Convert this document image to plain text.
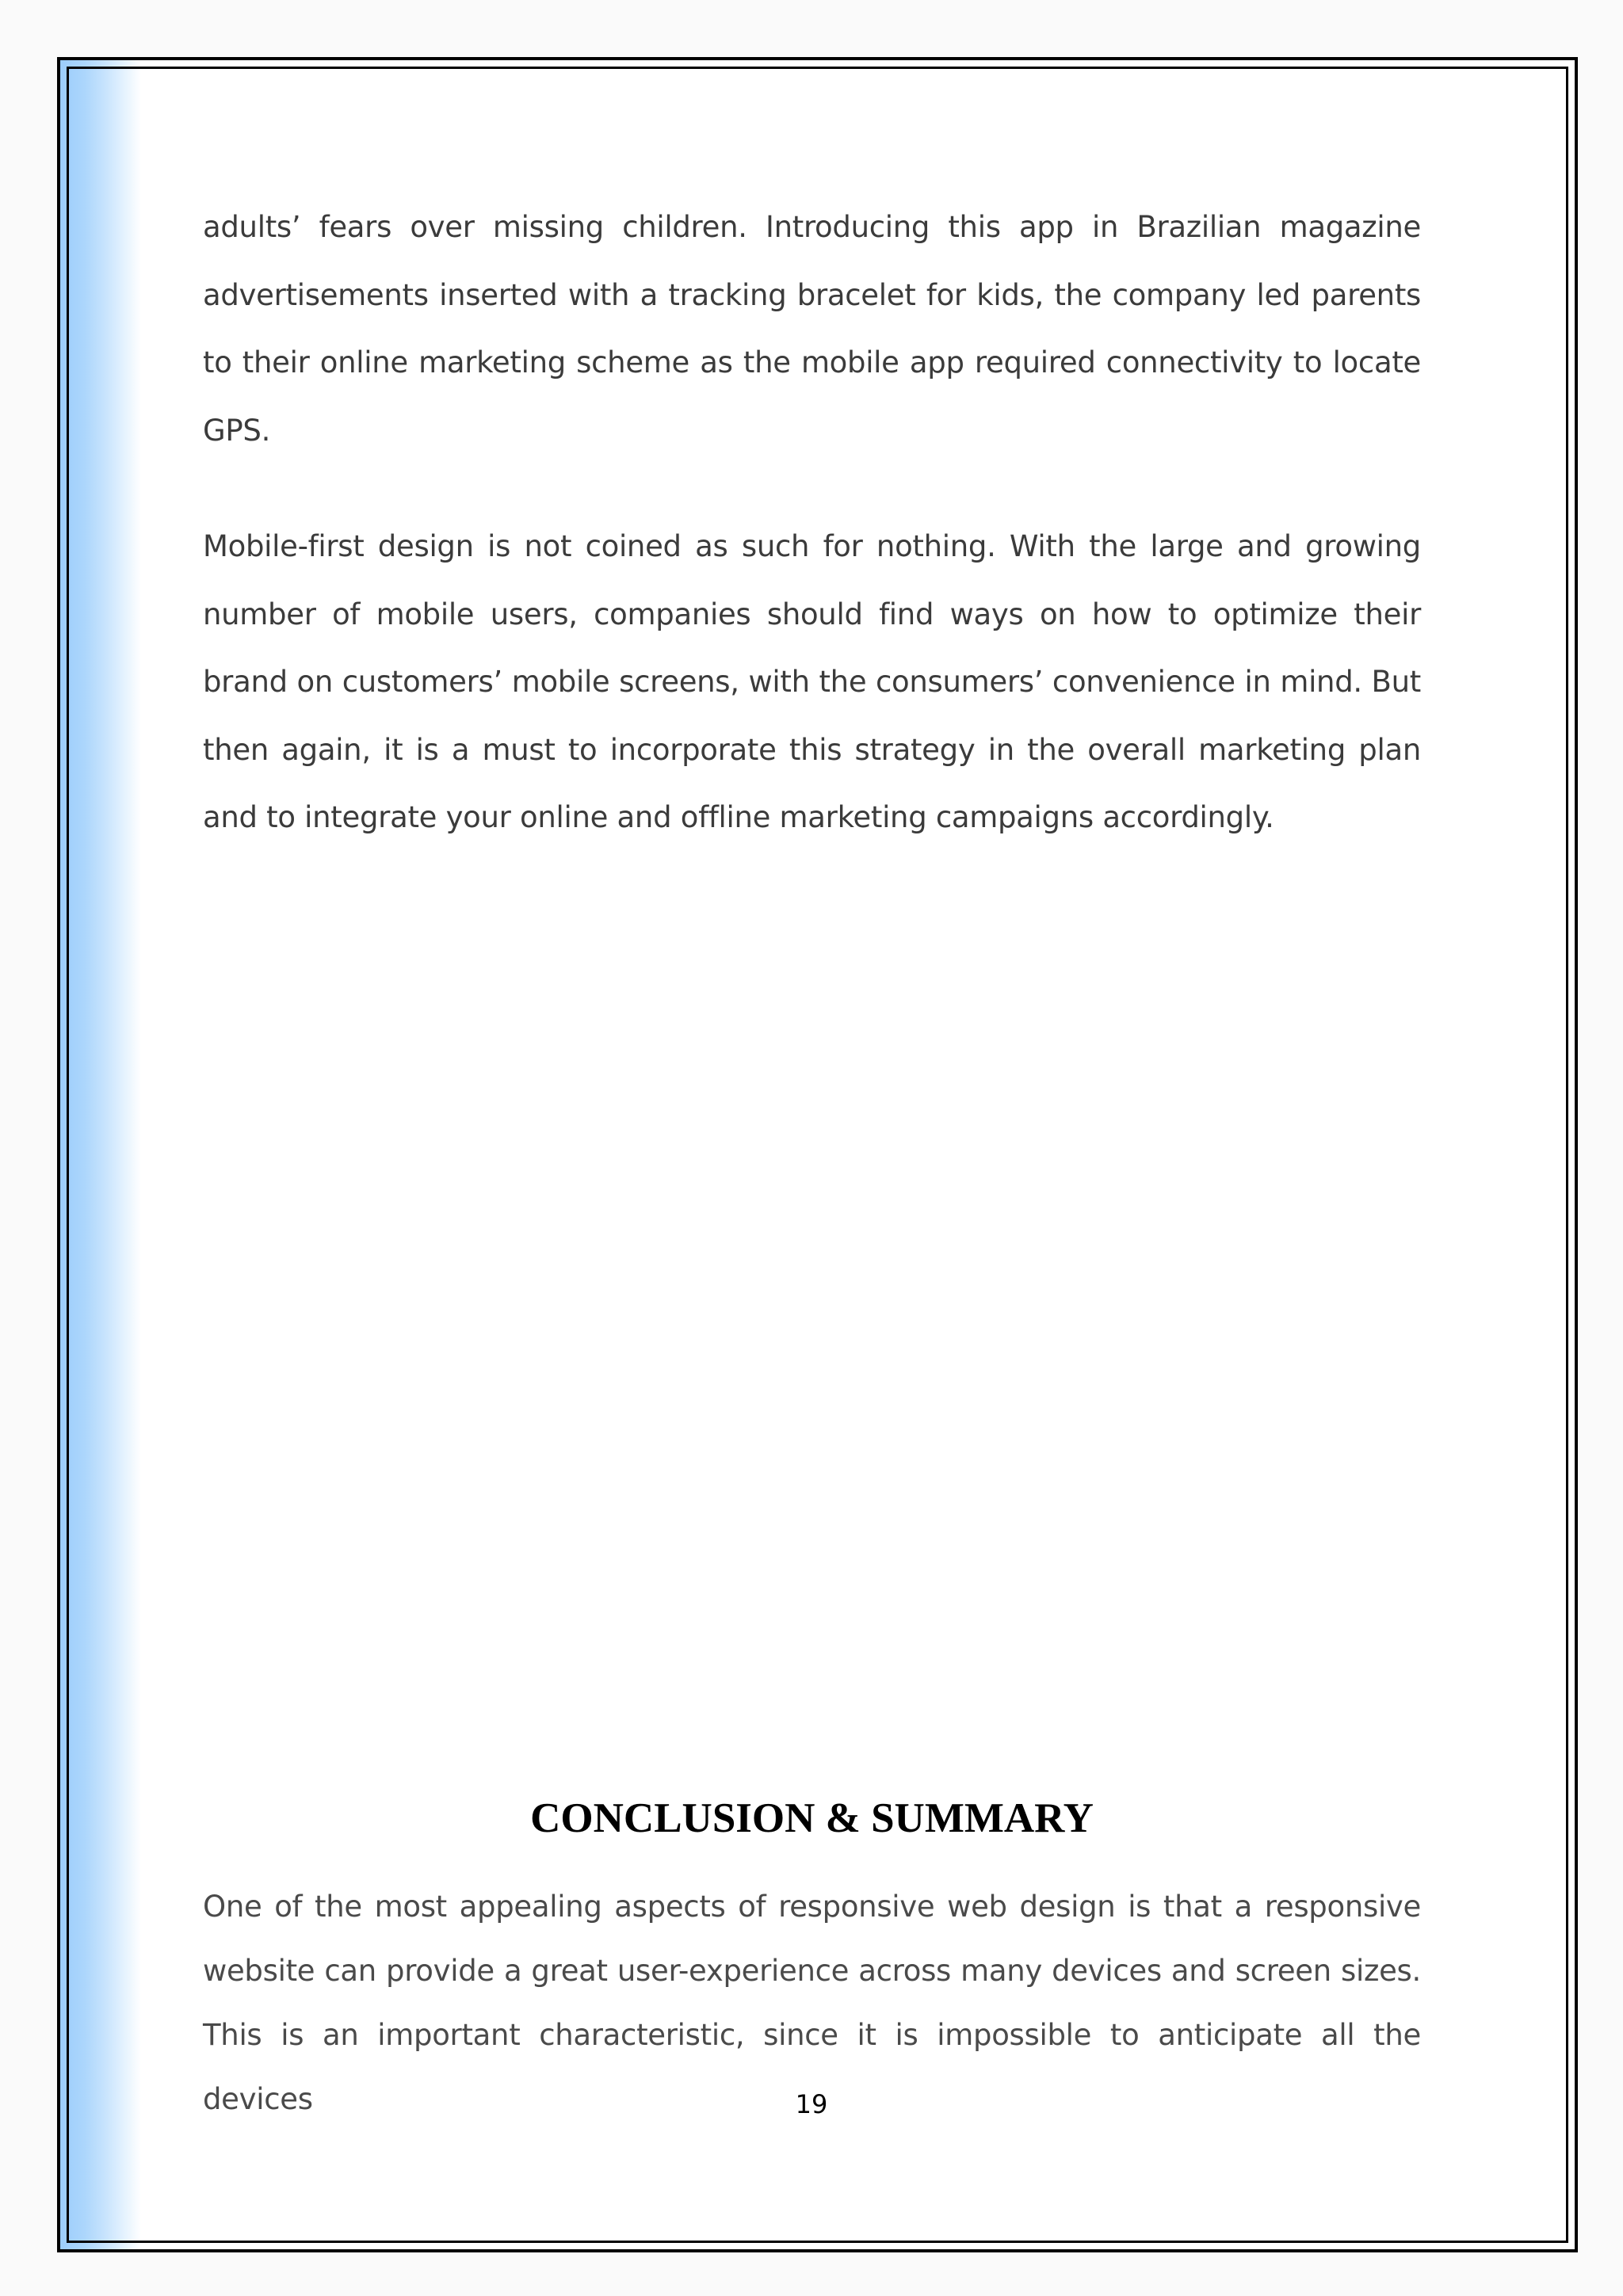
adults’ fears over missing children. Introducing this app in Brazilian magazine advertisements inserted with a tracking bracelet for kids, the company led parents to their online marketing scheme as the mobile app required connectivity to locate GPS.

Mobile-first design is not coined as such for nothing. With the large and growing number of mobile users, companies should find ways on how to optimize their brand on customers’ mobile screens, with the consumers’ convenience in mind. But then again, it is a must to incorporate this strategy in the overall marketing plan and to integrate your online and offline marketing campaigns accordingly.

CONCLUSION & SUMMARY

One of the most appealing aspects of responsive web design is that a responsive website can provide a great user-experience across many devices and screen sizes. This is an important characteristic, since it is impossible to anticipate all the devices	19
